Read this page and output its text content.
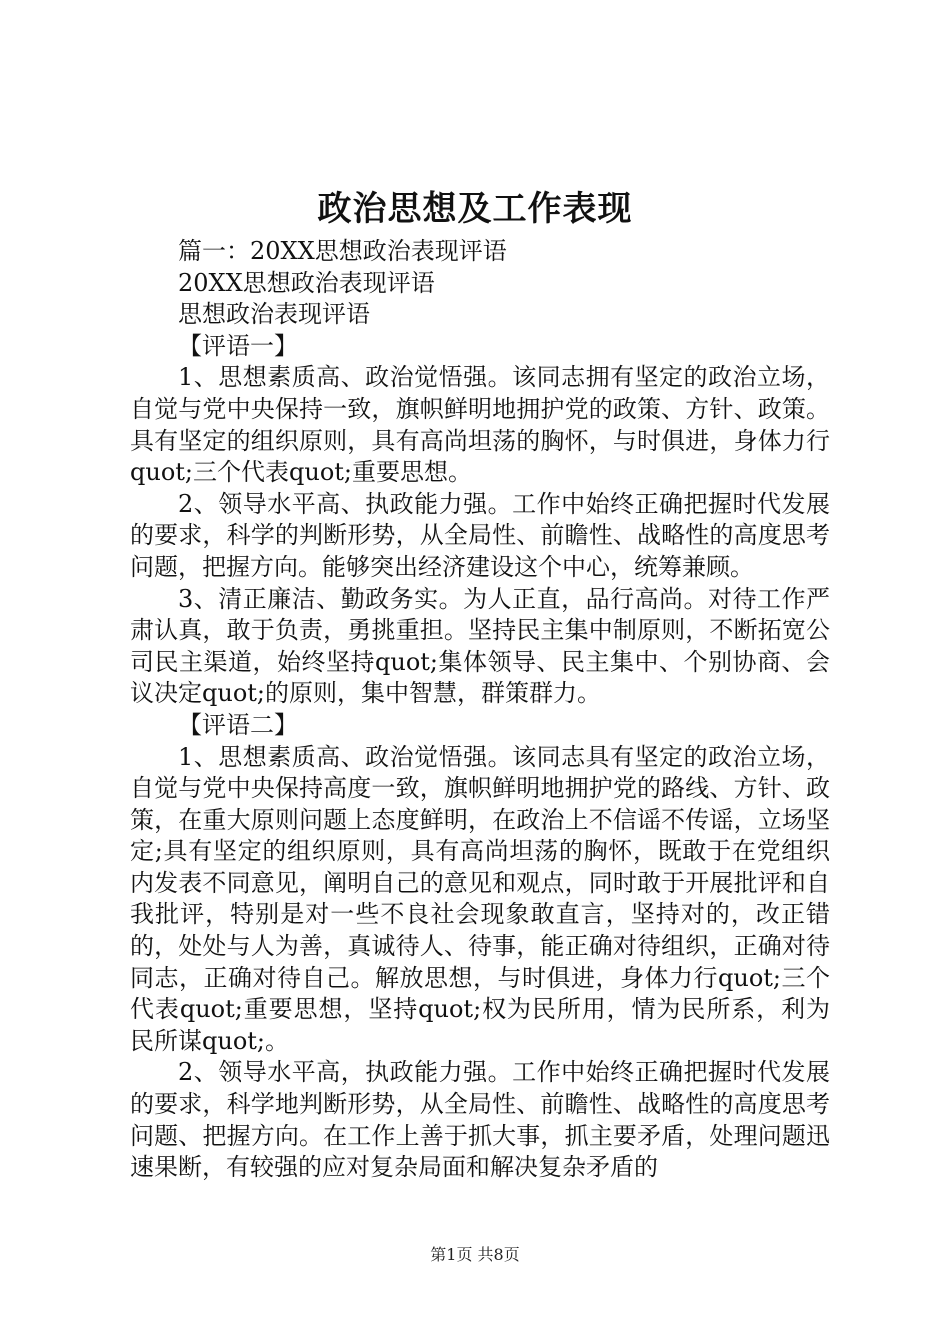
政治思想及工作表现

篇一：20XX思想政治表现评语

20XX思想政治表现评语

思想政治表现评语

【评语一】

1、思想素质高、政治觉悟强。该同志拥有坚定的政治立场，自觉与党中央保持一致，旗帜鲜明地拥护党的政策、方针、政策。具有坚定的组织原则，具有高尚坦荡的胸怀，与时俱进，身体力行quot;三个代表quot;重要思想。

2、领导水平高、执政能力强。工作中始终正确把握时代发展的要求，科学的判断形势，从全局性、前瞻性、战略性的高度思考问题，把握方向。能够突出经济建设这个中心，统筹兼顾。

3、清正廉洁、勤政务实。为人正直，品行高尚。对待工作严肃认真，敢于负责，勇挑重担。坚持民主集中制原则，不断拓宽公司民主渠道，始终坚持quot;集体领导、民主集中、个别协商、会议决定quot;的原则，集中智慧，群策群力。

【评语二】

1、思想素质高、政治觉悟强。该同志具有坚定的政治立场，自觉与党中央保持高度一致，旗帜鲜明地拥护党的路线、方针、政策，在重大原则问题上态度鲜明，在政治上不信谣不传谣，立场坚定;具有坚定的组织原则，具有高尚坦荡的胸怀，既敢于在党组织内发表不同意见，阐明自己的意见和观点，同时敢于开展批评和自我批评，特别是对一些不良社会现象敢直言，坚持对的，改正错的，处处与人为善，真诚待人、待事，能正确对待组织，正确对待同志，正确对待自己。解放思想，与时俱进，身体力行quot;三个代表quot;重要思想，坚持quot;权为民所用，情为民所系，利为民所谋quot;。

2、领导水平高，执政能力强。工作中始终正确把握时代发展的要求，科学地判断形势，从全局性、前瞻性、战略性的高度思考问题、把握方向。在工作上善于抓大事，抓主要矛盾，处理问题迅速果断，有较强的应对复杂局面和解决复杂矛盾的

第1页 共8页
